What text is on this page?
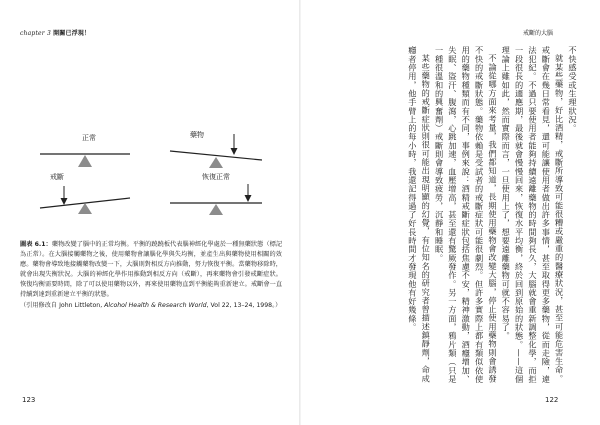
chapter 3 開關已浮現！
正常	藥物
戒斷	恢復正常
圖表 6.1：藥物改變了腦中的正常均衡。平衡的蹺蹺板代表腦神經化學處於一種無藥狀態（標記為正常）。在大腦接觸藥物之後，使用藥物會讓腦化學與失均衡，並產生出與藥物使用相關的效應。藥物會導致地接觸藥物改變一下，大腦則對相反方向推動，努力恢復平衡。當藥物移除時，就會出現失衡狀況。大腦的神經化學作用推動到相反方向（戒斷），再來藥物會引發戒斷症狀。恢復均衡需要時間，除了可以使用藥物以外，再來使用藥物直到平衡能夠重新建立。戒斷會一直持續到達到重新建立平衡的狀態。
（引用修改自 John Littleton, Alcohol Health & Research World, Vol 22, 13–24, 1998。）
123
戒斷的大腦

不快感受或生理狀況。

就某些藥物，好比酒精，戒斷所導致可能很糟或嚴重的醫療狀況，甚至可能危害生命。戒斷會在幾日常看見，還可能讓使用者做出許多事情，甚至取得更多藥物，從而走險，違法犯紀。不過只要使用者能夠持續遠離藥物的時間夠長久，大腦就會重新調整化學，而拒一段很長的適應期，最後就會慢慢回來，恢復水平均衡，終於回到原始的狀態。——這個理論上雖如此，然而實際而言，一旦使用上了，想要遠離藥物可就不容易了。

不論從哪方面來考量，我們都知道，長期使用藥物會改變大腦，停止使用藥物則會誘發不快的戒斷狀態。藥物依賴是受試者的戒斷症狀可能很劇烈。但許多實際上都有類似依使用的藥物種類而有不同，事例來說：酒精戒斷症狀包括焦慮不安，精神激動，酒癮增加、失眠、盜汗、腹瀉，心跳加速，血壓增高，甚至還有驚厥發作。另一方面，鴉片類（只是一種很溫和的興奮劑）戒斷則會導致疲勞，沉靜和睡眠。

某些藥物的戒斷症狀則很可能出現明顯的幻覺，有位知名的研究者曾描述鎮靜劑，命成癮者停用，他手臂上的每小時，我還記得過了好長時間才發現他有好幾條。

122
